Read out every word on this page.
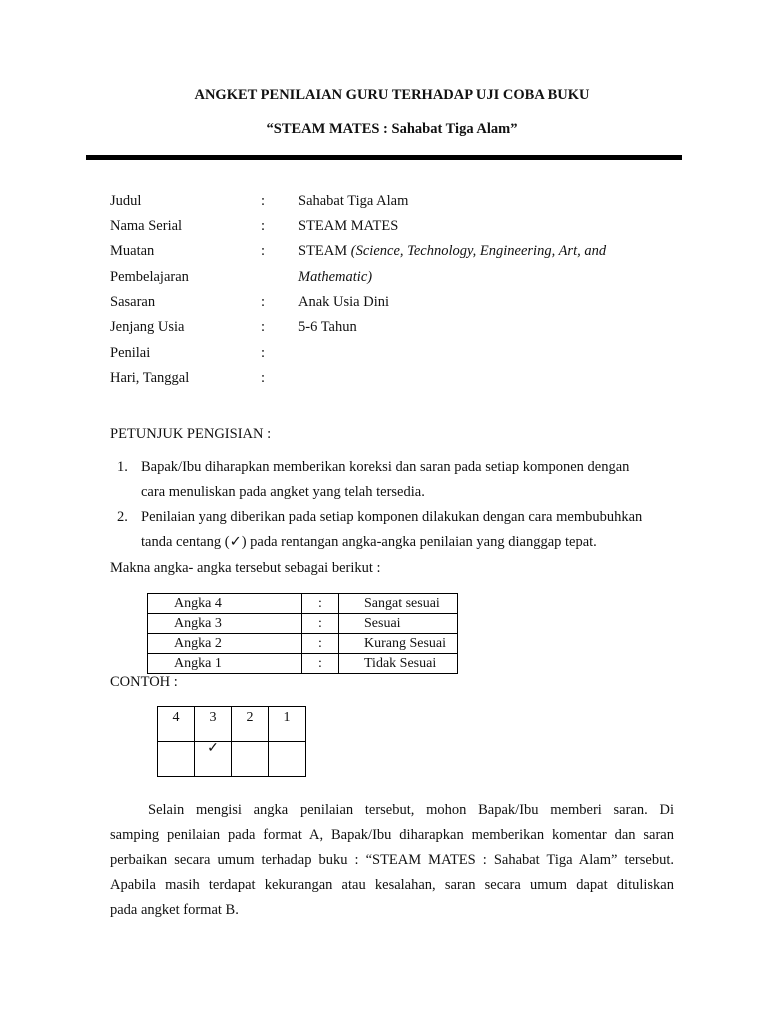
ANGKET PENILAIAN GURU TERHADAP UJI COBA BUKU
“STEAM MATES : Sahabat Tiga Alam”
Judul	: Sahabat Tiga Alam
Nama Serial	: STEAM MATES
Muatan	: STEAM (Science, Technology, Engineering, Art, and
Pembelajaran	Mathematic)
Sasaran	: Anak Usia Dini
Jenjang Usia	: 5-6 Tahun
Penilai	:
Hari, Tanggal	:
PETUNJUK PENGISIAN :
1. Bapak/Ibu diharapkan memberikan koreksi dan saran pada setiap komponen dengan
cara menuliskan pada angket yang telah tersedia.
2. Penilaian yang diberikan pada setiap komponen dilakukan dengan cara membubuhkan
tanda centang (✓) pada rentangan angka-angka penilaian yang dianggap tepat.
Makna angka- angka tersebut sebagai berikut :
Angka 4	:	Sangat sesuai
Angka 3	:	Sesuai
Angka 2	:	Kurang Sesuai
Angka 1	:	Tidak Sesuai
CONTOH :
4	3	2	1
	✓		
Selain mengisi angka penilaian tersebut, mohon Bapak/Ibu memberi saran. Di
samping penilaian pada format A, Bapak/Ibu diharapkan memberikan komentar dan saran
perbaikan secara umum terhadap buku : “STEAM MATES : Sahabat Tiga Alam” tersebut.
Apabila masih terdapat kekurangan atau kesalahan, saran secara umum dapat dituliskan
pada angket format B.
